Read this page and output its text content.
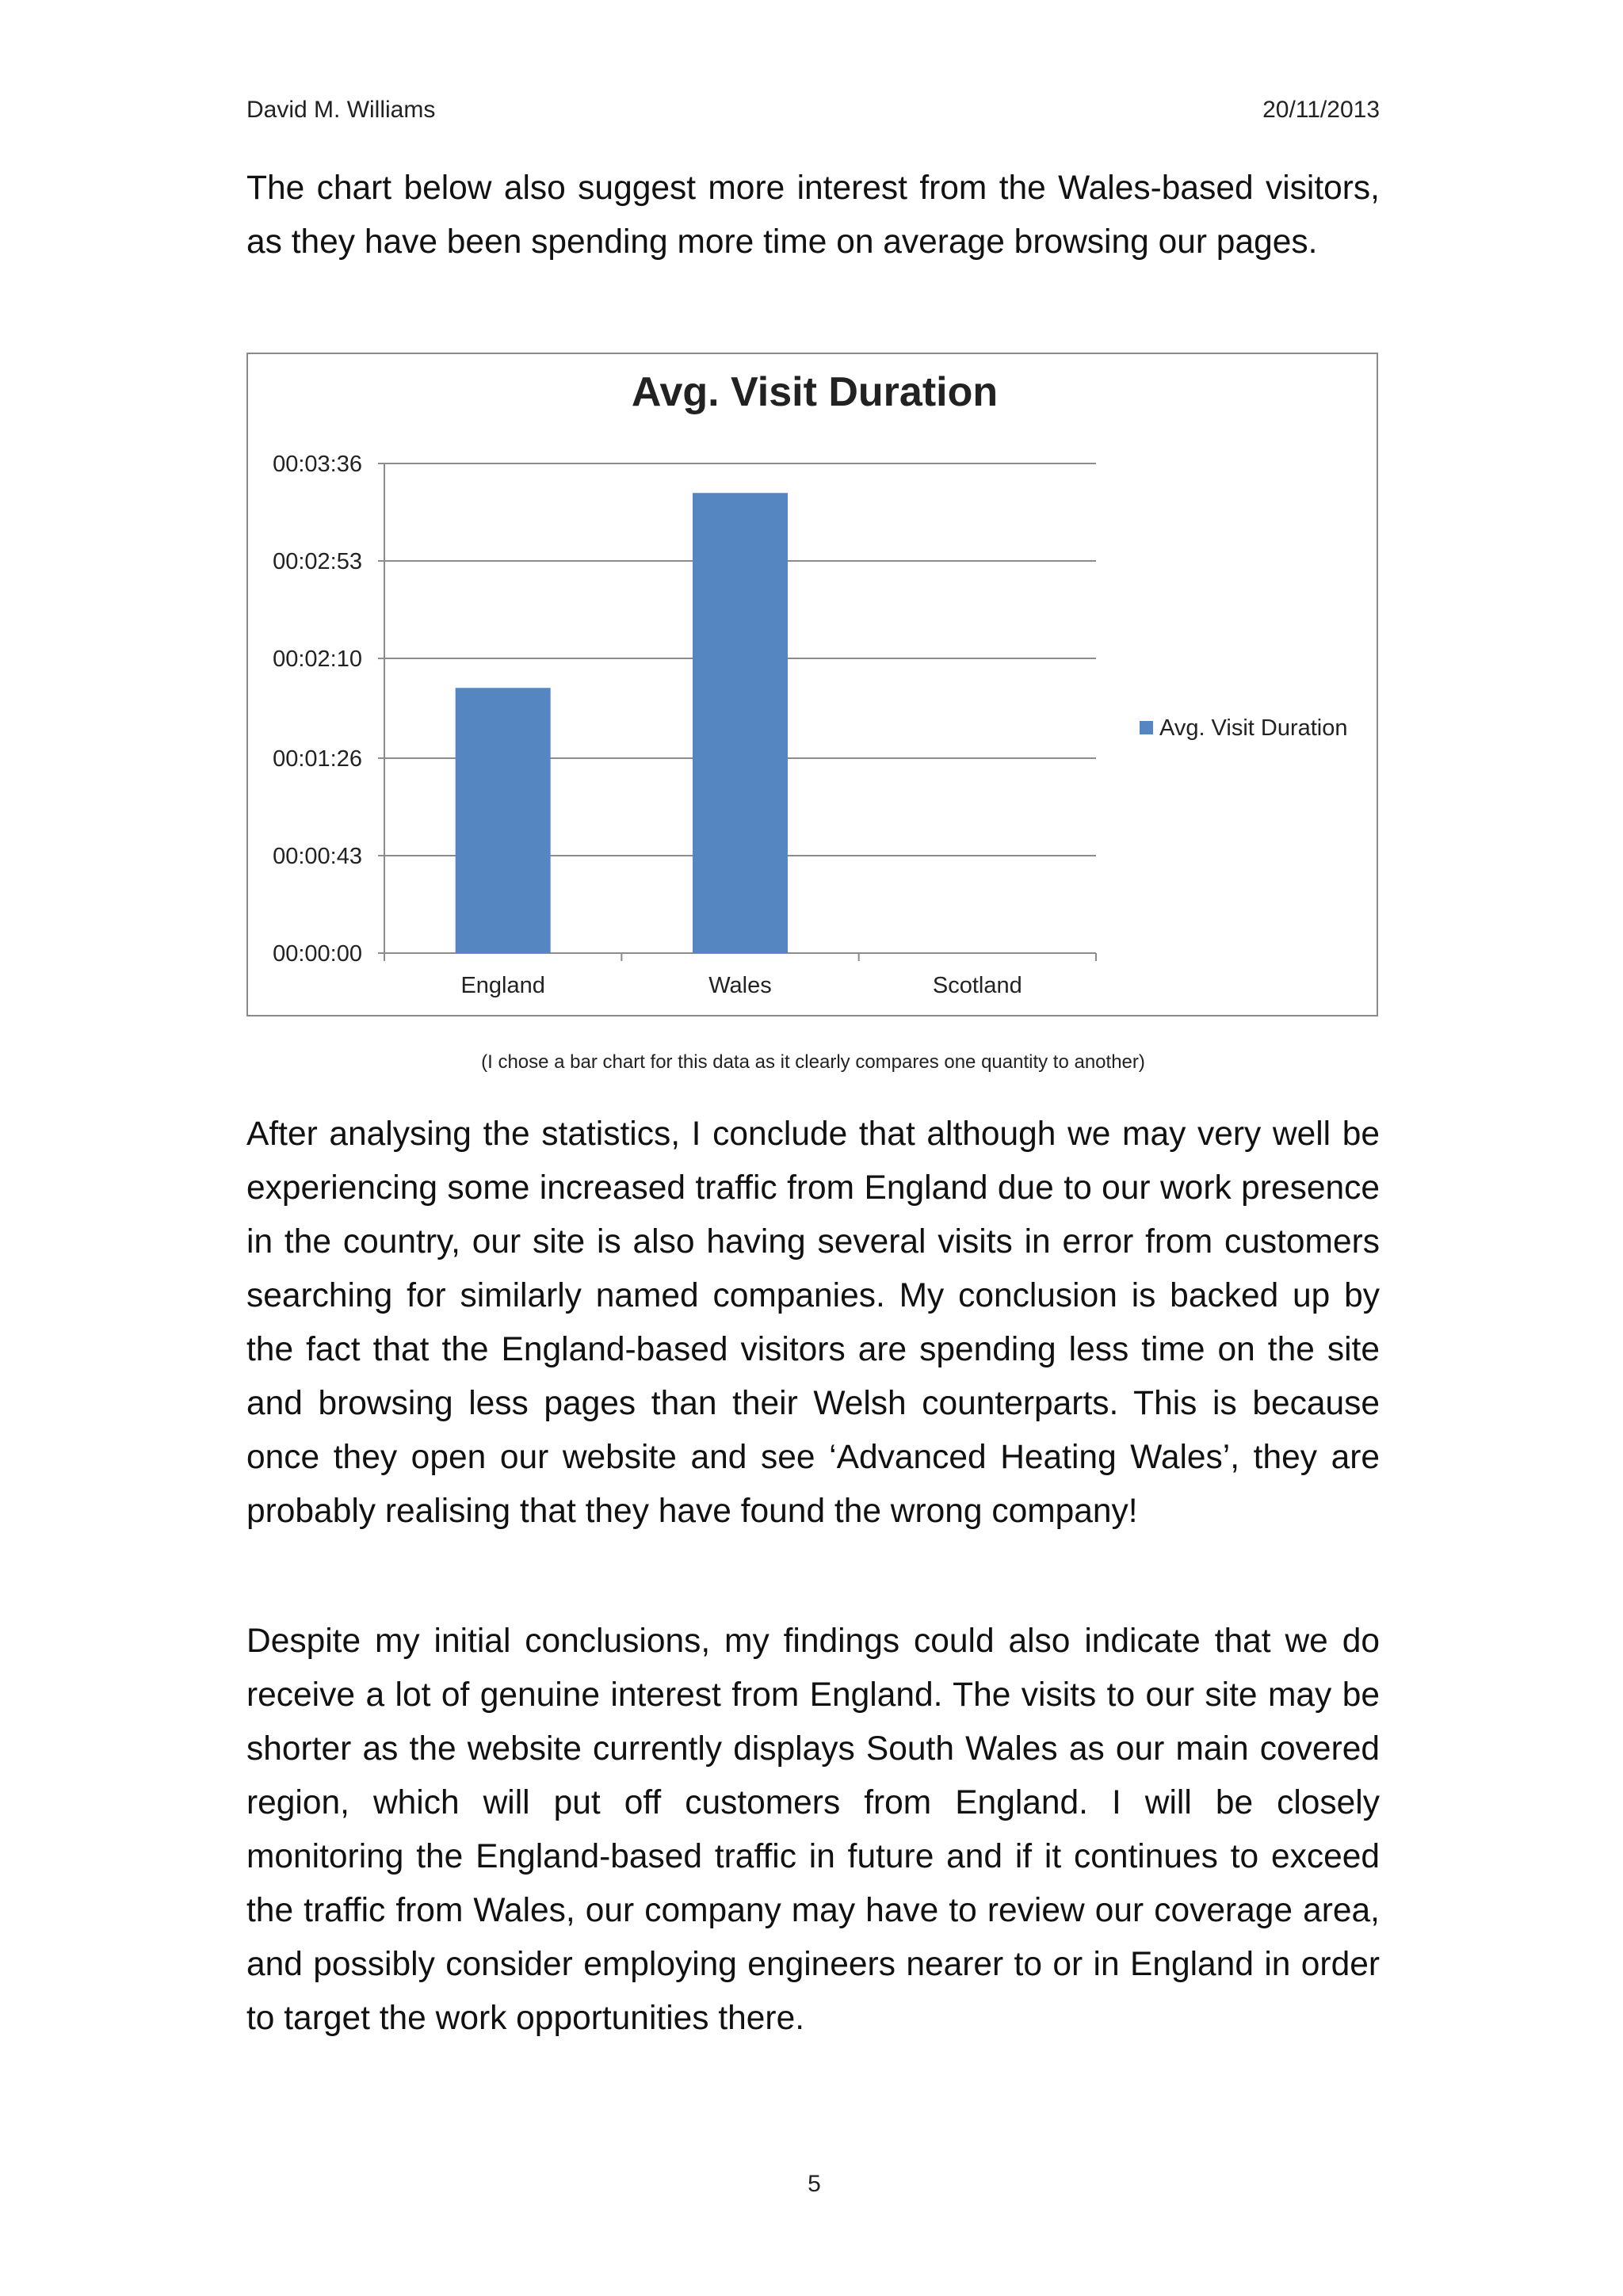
David M. Williams	20/11/2013

The chart below also suggest more interest from the Wales-based visitors, as they have been spending more time on average browsing our pages.

Avg. Visit Duration
00:00:00
00:00:43
00:01:26
00:02:10
00:02:53
00:03:36
England	Wales	Scotland
Avg. Visit Duration
(I chose a bar chart for this data as it clearly compares one quantity to another)

After analysing the statistics, I conclude that although we may very well be experiencing some increased traffic from England due to our work presence in the country, our site is also having several visits in error from customers searching for similarly named companies. My conclusion is backed up by the fact that the England-based visitors are spending less time on the site and browsing less pages than their Welsh counterparts. This is because once they open our website and see ‘Advanced Heating Wales’, they are probably realising that they have found the wrong company!

Despite my initial conclusions, my findings could also indicate that we do receive a lot of genuine interest from England. The visits to our site may be shorter as the website currently displays South Wales as our main covered region, which will put off customers from England. I will be closely monitoring the England-based traffic in future and if it continues to exceed the traffic from Wales, our company may have to review our coverage area, and possibly consider employing engineers nearer to or in England in order to target the work opportunities there.

5
